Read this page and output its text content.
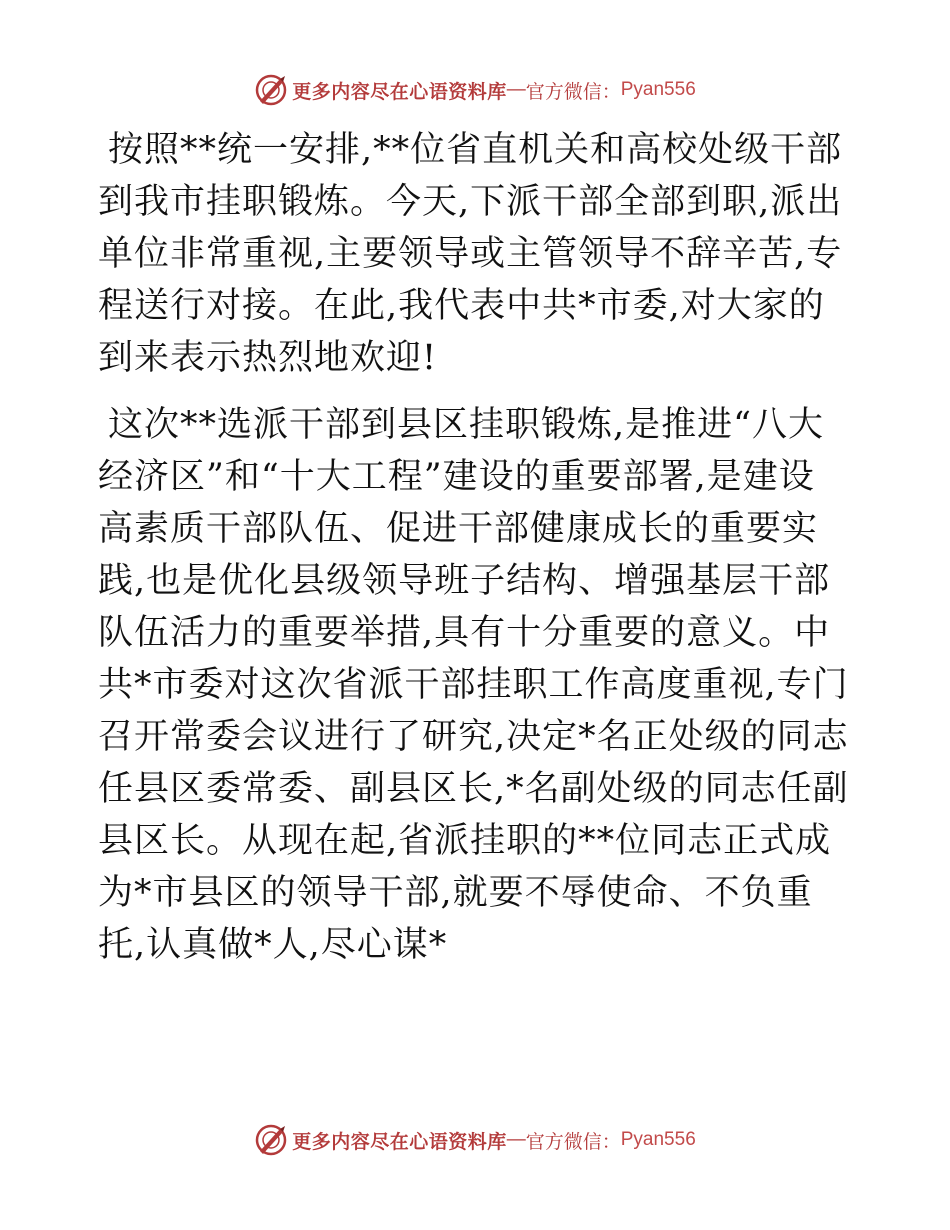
更多内容尽在心语资料库 — 官方微信： Pyan556

按照**统一安排,**位省直机关和高校处级干部到我市挂职锻炼。今天,下派干部全部到职,派出单位非常重视,主要领导或主管领导不辞辛苦,专程送行对接。在此,我代表中共*市委,对大家的到来表示热烈地欢迎!

这次**选派干部到县区挂职锻炼,是推进“八大经济区”和“十大工程”建设的重要部署,是建设高素质干部队伍、促进干部健康成长的重要实践,也是优化县级领导班子结构、增强基层干部队伍活力的重要举措,具有十分重要的意义。中共*市委对这次省派干部挂职工作高度重视,专门召开常委会议进行了研究,决定*名正处级的同志任县区委常委、副县区长,*名副处级的同志任副县区长。从现在起,省派挂职的**位同志正式成为*市县区的领导干部,就要不辱使命、不负重托,认真做*人,尽心谋*

更多内容尽在心语资料库 — 官方微信： Pyan556
